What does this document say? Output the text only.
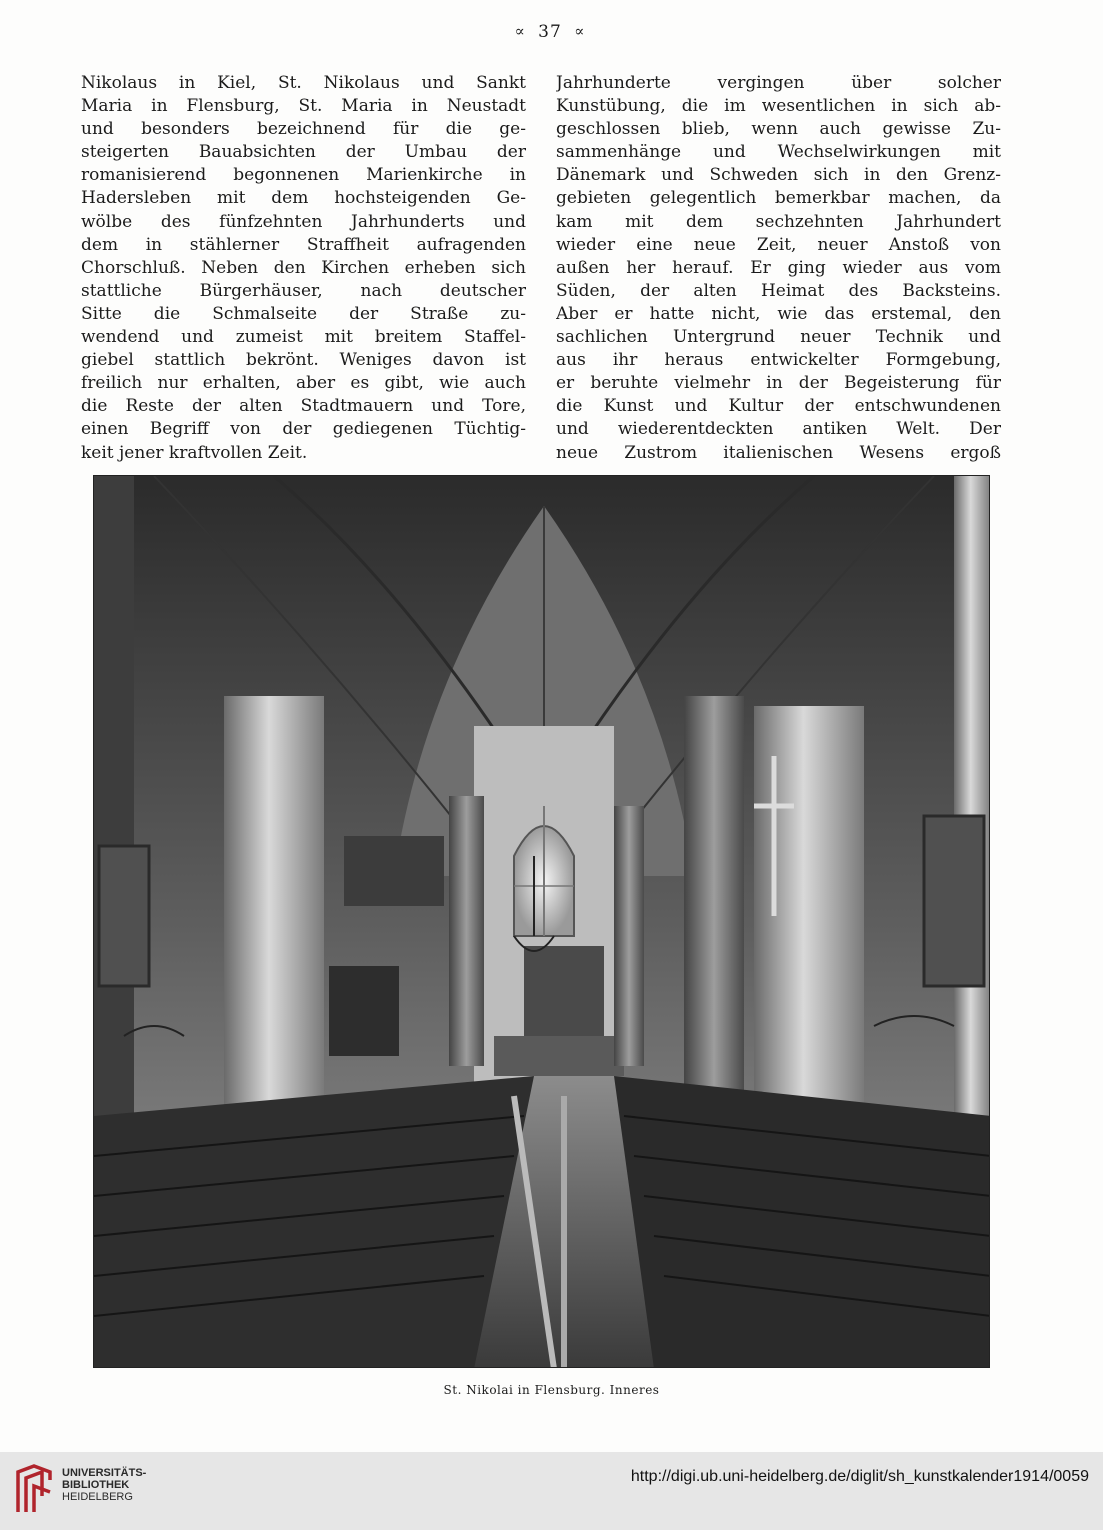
∝ 37 ∝
Nikolaus in Kiel, St. Nikolaus und Sankt
Maria in Flensburg, St. Maria in Neustadt
und besonders bezeichnend für die ge-
steigerten Bauabsichten der Umbau der
romanisierend begonnenen Marienkirche in
Hadersleben mit dem hochsteigenden Ge-
wölbe des fünfzehnten Jahrhunderts und
dem in stählerner Straffheit aufragenden
Chorschluß. Neben den Kirchen erheben sich
stattliche Bürgerhäuser, nach deutscher
Sitte die Schmalseite der Straße zu-
wendend und zumeist mit breitem Staffel-
giebel stattlich bekrönt. Weniges davon ist
freilich nur erhalten, aber es gibt, wie auch
die Reste der alten Stadtmauern und Tore,
einen Begriff von der gediegenen Tüchtig-
keit jener kraftvollen Zeit.
Jahrhunderte vergingen über solcher
Kunstübung, die im wesentlichen in sich ab-
geschlossen blieb, wenn auch gewisse Zu-
sammenhänge und Wechselwirkungen mit
Dänemark und Schweden sich in den Grenz-
gebieten gelegentlich bemerkbar machen, da
kam mit dem sechzehnten Jahrhundert
wieder eine neue Zeit, neuer Anstoß von
außen her herauf. Er ging wieder aus vom
Süden, der alten Heimat des Backsteins.
Aber er hatte nicht, wie das erstemal, den
sachlichen Untergrund neuer Technik und
aus ihr heraus entwickelter Formgebung,
er beruhte vielmehr in der Begeisterung für
die Kunst und Kultur der entschwundenen
und wiederentdeckten antiken Welt. Der
neue Zustrom italienischen Wesens ergoß
St. Nikolai in Flensburg. Inneres
UNIVERSITÄTS-
BIBLIOTHEK
HEIDELBERG
http://digi.ub.uni-heidelberg.de/diglit/sh_kunstkalender1914/0059
